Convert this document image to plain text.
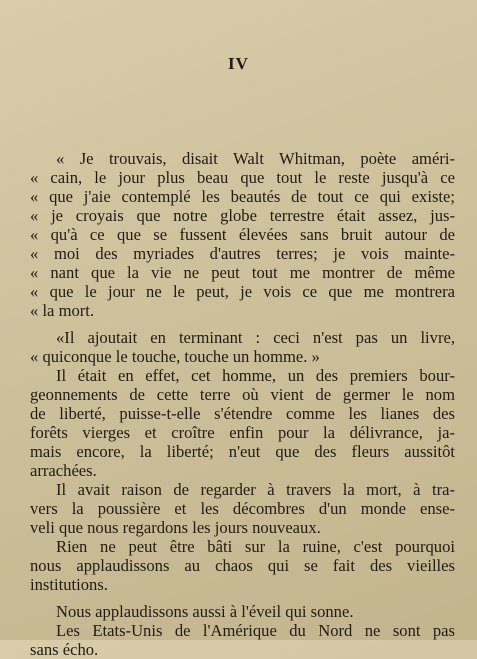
IV
« Je trouvais, disait Walt Whitman, poète améri-
« cain, le jour plus beau que tout le reste jusqu'à ce
« que j'aie contemplé les beautés de tout ce qui existe;
« je croyais que notre globe terrestre était assez, jus-
« qu'à ce que se fussent élevées sans bruit autour de
« moi des myriades d'autres terres; je vois mainte-
« nant que la vie ne peut tout me montrer de même
« que le jour ne le peut, je vois ce que me montrera
« la mort.
«Il ajoutait en terminant : ceci n'est pas un livre,
« quiconque le touche, touche un homme. »
Il était en effet, cet homme, un des premiers bour-
geonnements de cette terre où vient de germer le nom
de liberté, puisse-t-elle s'étendre comme les lianes des
forêts vierges et croître enfin pour la délivrance, ja-
mais encore, la liberté; n'eut que des fleurs aussitôt
arrachées.
Il avait raison de regarder à travers la mort, à tra-
vers la poussière et les décombres d'un monde ense-
veli que nous regardons les jours nouveaux.
Rien ne peut être bâti sur la ruine, c'est pourquoi
nous applaudissons au chaos qui se fait des vieilles
institutions.
Nous applaudissons aussi à l'éveil qui sonne.
Les Etats-Unis de l'Amérique du Nord ne sont pas
sans écho.
